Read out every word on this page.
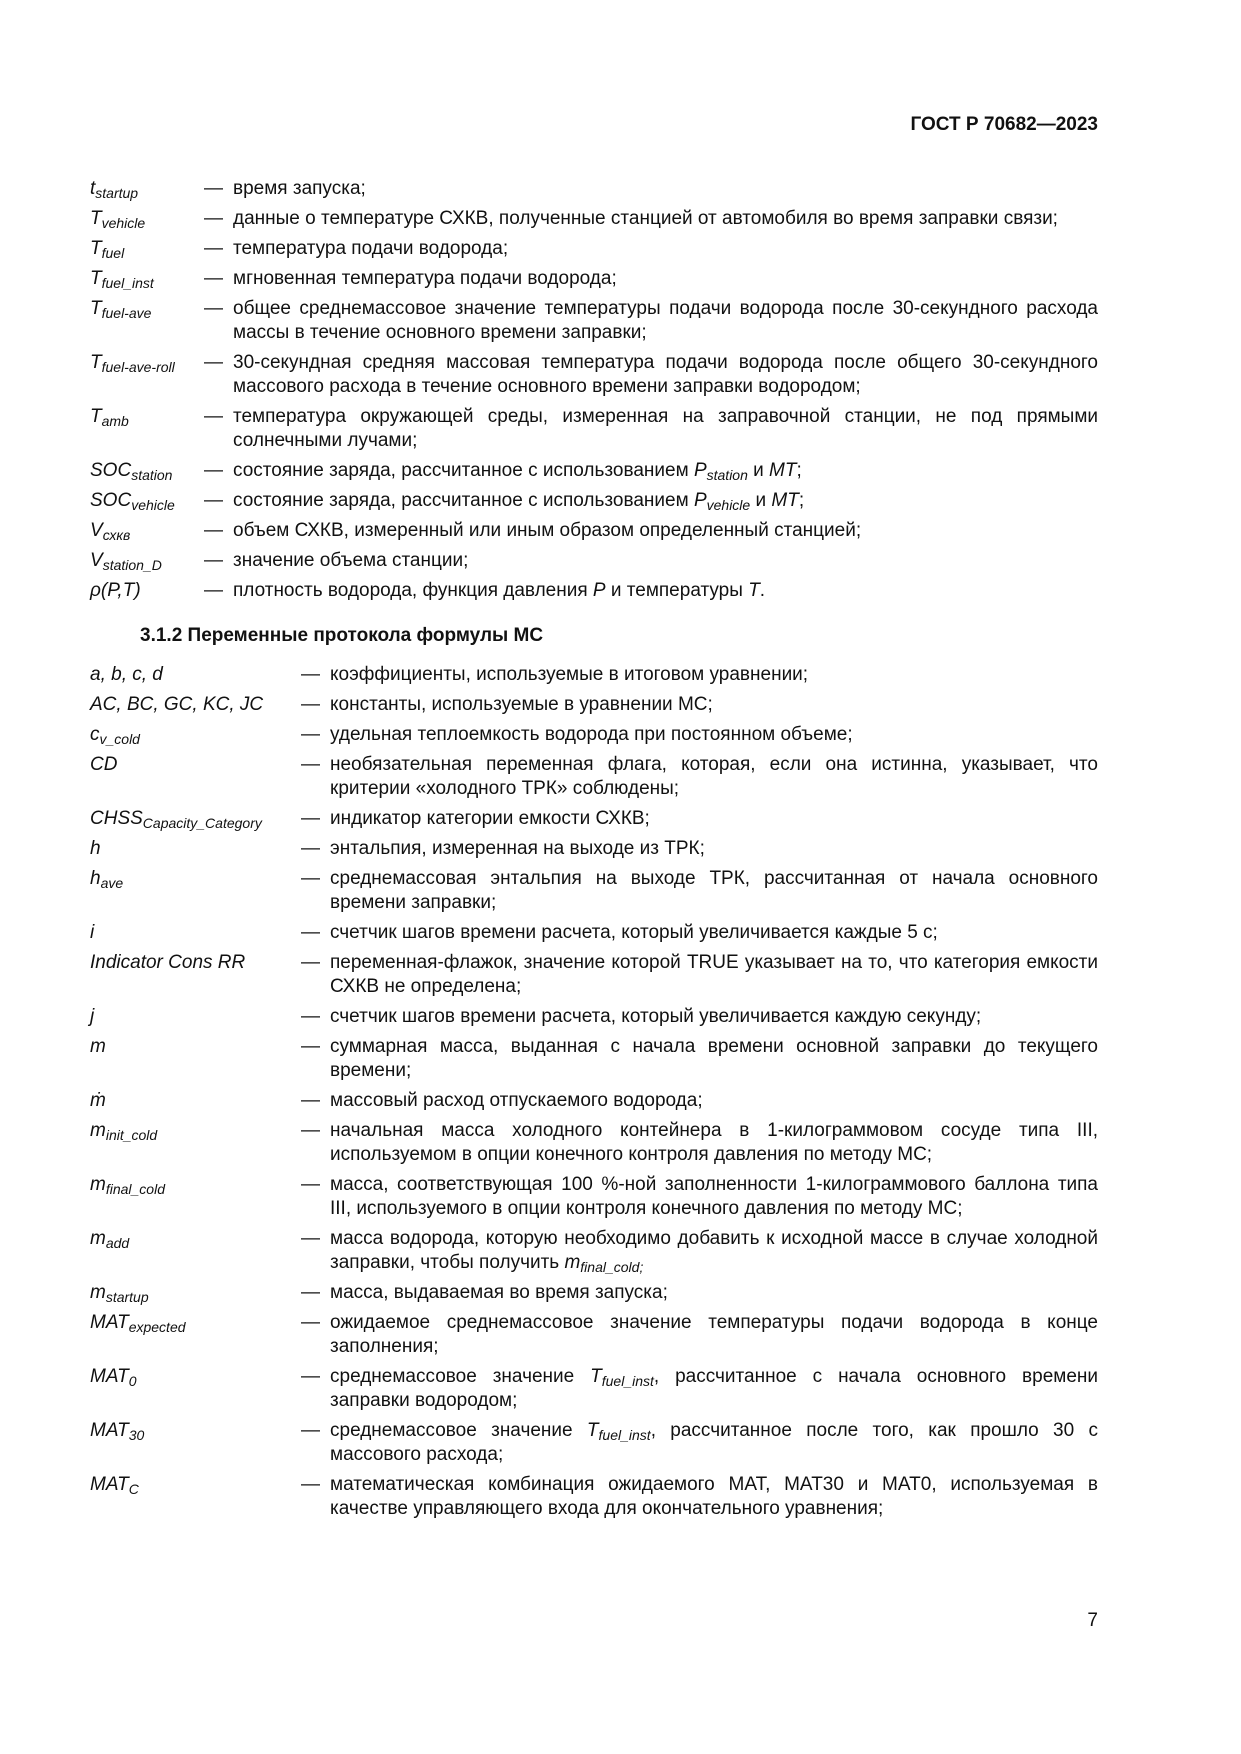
ГОСТ Р 70682—2023
$t_{startup}$	— время запуска;
$T_{vehicle}$	— данные о температуре СХКВ, полученные станцией от автомобиля во время заправки связи;
$T_{fuel}$	— температура подачи водорода;
$T_{fuel\_inst}$	— мгновенная температура подачи водорода;
$T_{fuel-ave}$	— общее среднемассовое значение температуры подачи водорода после 30-секундного расхода массы в течение основного времени заправки;
$T_{fuel-ave-roll}$	— 30-секундная средняя массовая температура подачи водорода после общего 30-секундного массового расхода в течение основного времени заправки водородом;
$T_{amb}$	— температура окружающей среды, измеренная на заправочной станции, не под прямыми солнечными лучами;
$SOC_{station}$	— состояние заряда, рассчитанное с использованием $P_{station}$ и MT;
$SOC_{vehicle}$	— состояние заряда, рассчитанное с использованием $P_{vehicle}$ и MT;
$V_{схкв}$	— объем СХКВ, измеренный или иным образом определенный станцией;
$V_{station\_D}$	— значение объема станции;
ρ(P,T)	— плотность водорода, функция давления P и температуры T.
3.1.2 Переменные протокола формулы МС
a, b, c, d	— коэффициенты, используемые в итоговом уравнении;
AC, BC, GC, KC, JC	— константы, используемые в уравнении МС;
$c_{v\_cold}$	— удельная теплоемкость водорода при постоянном объеме;
CD	— необязательная переменная флага, которая, если она истинна, указывает, что критерии «холодного ТРК» соблюдены;
$CHSS_{Capacity\_Category}$	— индикатор категории емкости СХКВ;
h	— энтальпия, измеренная на выходе из ТРК;
$h_{ave}$	— среднемассовая энтальпия на выходе ТРК, рассчитанная от начала основного времени заправки;
i	— счетчик шагов времени расчета, который увеличивается каждые 5 с;
Indicator Cons RR	— переменная-флажок, значение которой TRUE указывает на то, что категория емкости СХКВ не определена;
j	— счетчик шагов времени расчета, который увеличивается каждую секунду;
m	— суммарная масса, выданная с начала времени основной заправки до текущего времени;
ṁ	— массовый расход отпускаемого водорода;
$m_{init\_cold}$	— начальная масса холодного контейнера в 1-килограммовом сосуде типа III, используемом в опции конечного контроля давления по методу МС;
$m_{final\_cold}$	— масса, соответствующая 100 %-ной заполненности 1-килограммового баллона типа III, используемого в опции контроля конечного давления по методу МС;
$m_{add}$	— масса водорода, которую необходимо добавить к исходной массе в случае холодной заправки, чтобы получить $m_{final\_cold;}$
$m_{startup}$	— масса, выдаваемая во время запуска;
$MAT_{expected}$	— ожидаемое среднемассовое значение температуры подачи водорода в конце заполнения;
$MAT_0$	— среднемассовое значение $T_{fuel\_inst}$, рассчитанное с начала основного времени заправки водородом;
$MAT_{30}$	— среднемассовое значение $T_{fuel\_inst}$, рассчитанное после того, как прошло 30 с массового расхода;
$MAT_C$	— математическая комбинация ожидаемого MAT, MAT30 и MAT0, используемая в качестве управляющего входа для окончательного уравнения;
7
